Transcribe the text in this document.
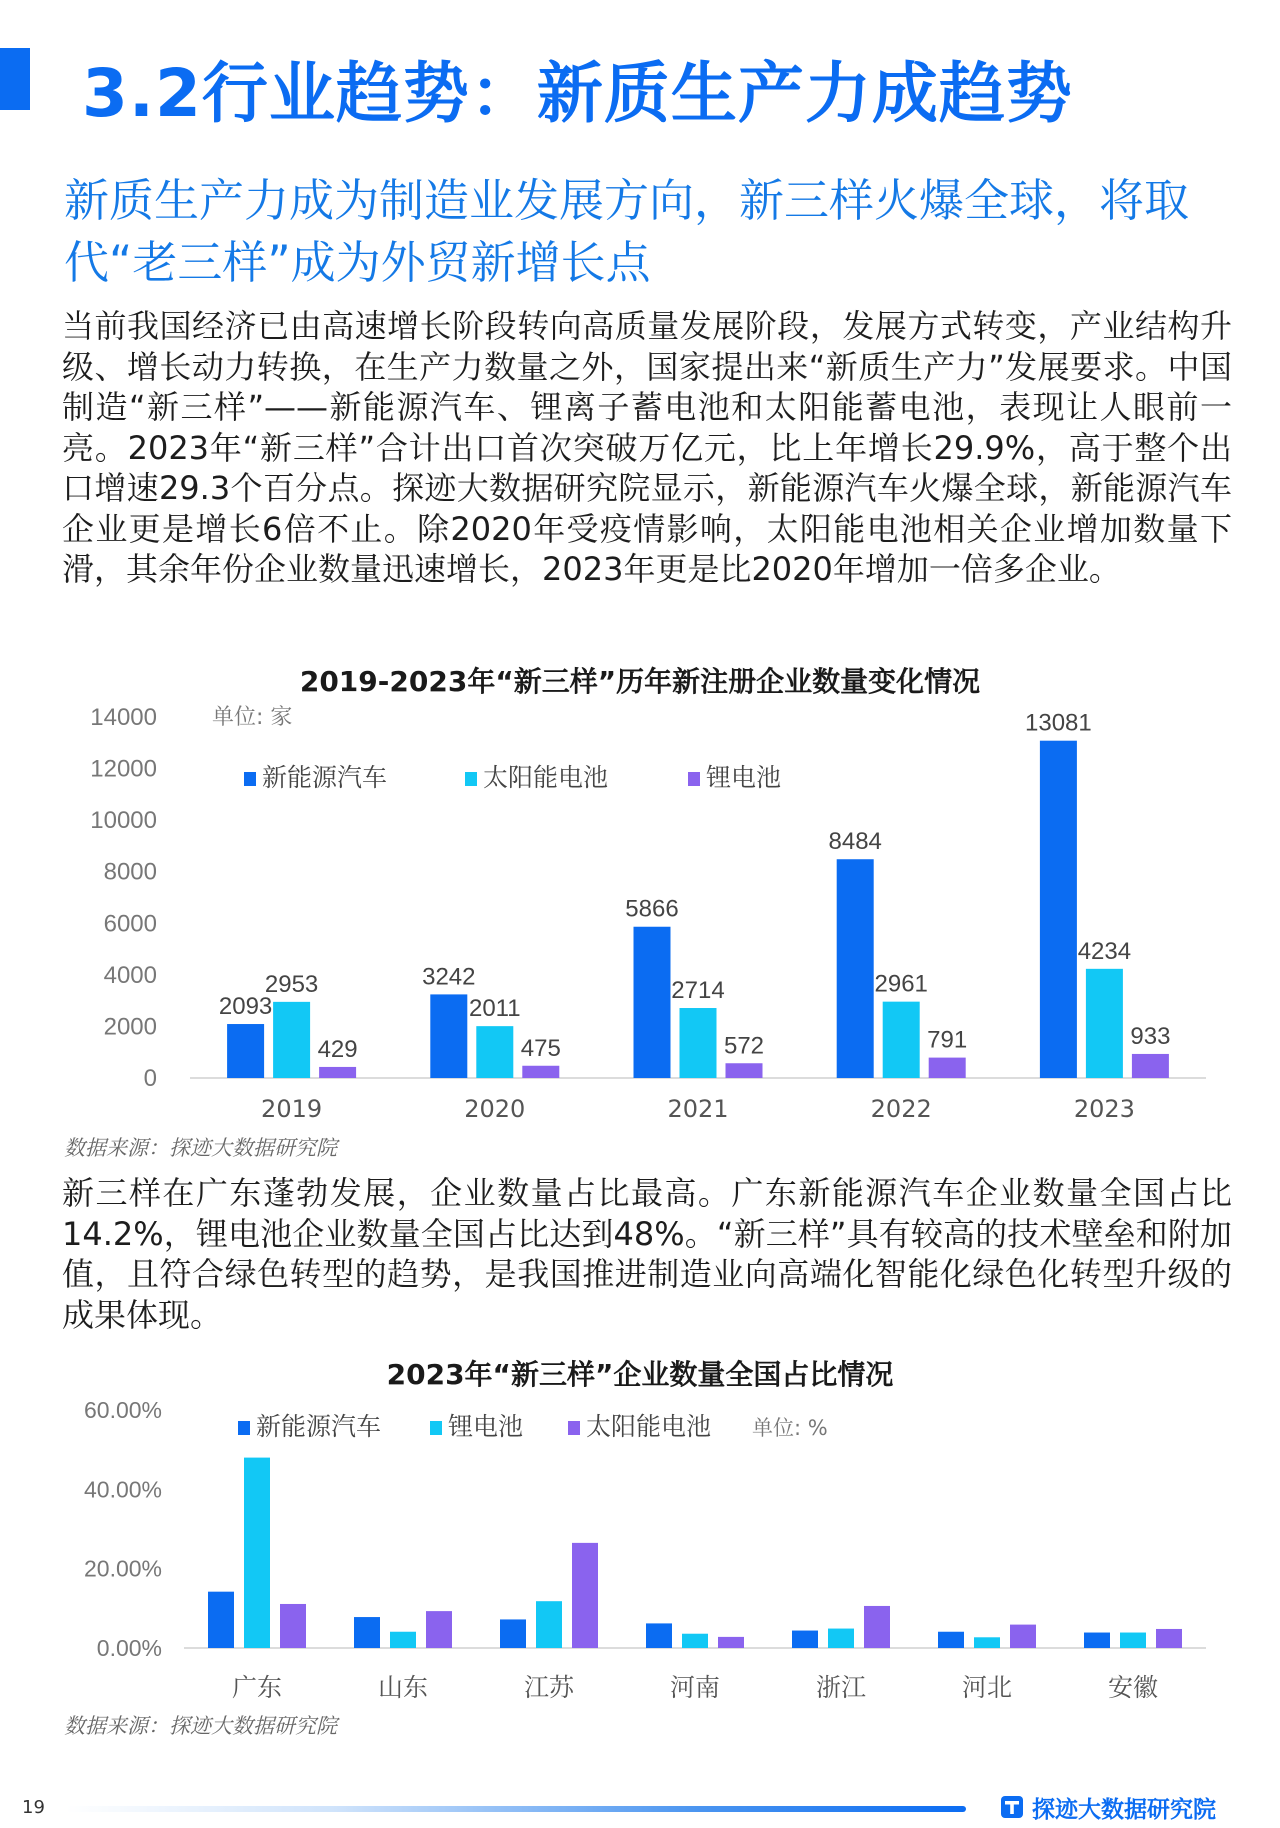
3.2行业趋势：新质生产力成趋势
新质生产力成为制造业发展方向，新三样火爆全球，将取代“老三样”成为外贸新增长点
当前我国经济已由高速增长阶段转向高质量发展阶段，发展方式转变，产业结构升级、增长动力转换，在生产力数量之外，国家提出来“新质生产力”发展要求。中国制造“新三样”——新能源汽车、锂离子蓄电池和太阳能蓄电池，表现让人眼前一亮。2023年“新三样”合计出口首次突破万亿元，比上年增长29.9%，高于整个出口增速29.3个百分点。探迹大数据研究院显示，新能源汽车火爆全球，新能源汽车企业更是增长6倍不止。除2020年受疫情影响，太阳能电池相关企业增加数量下滑，其余年份企业数量迅速增长，2023年更是比2020年增加一倍多企业。
2019-2023年“新三样”历年新注册企业数量变化情况
0
2000
4000
6000
8000
10000
12000
14000	单位: 家
新能源汽车	太阳能电池	锂电池
2093
2953
429
2019
3242
2011
475
2020
5866
2714
572
2021
8484
2961
791
2022
13081
4234
933
2023
数据来源：探迹大数据研究院
新三样在广东蓬勃发展，企业数量占比最高。广东新能源汽车企业数量全国占比14.2%，锂电池企业数量全国占比达到48%。“新三样”具有较高的技术壁垒和附加值，且符合绿色转型的趋势，是我国推进制造业向高端化智能化绿色化转型升级的成果体现。
2023年“新三样”企业数量全国占比情况
0.00%
20.00%
40.00%
60.00%
单位: %
新能源汽车	锂电池	太阳能电池
广东	山东	江苏	河南	浙江	河北	安徽
数据来源：探迹大数据研究院
19	探迹大数据研究院
